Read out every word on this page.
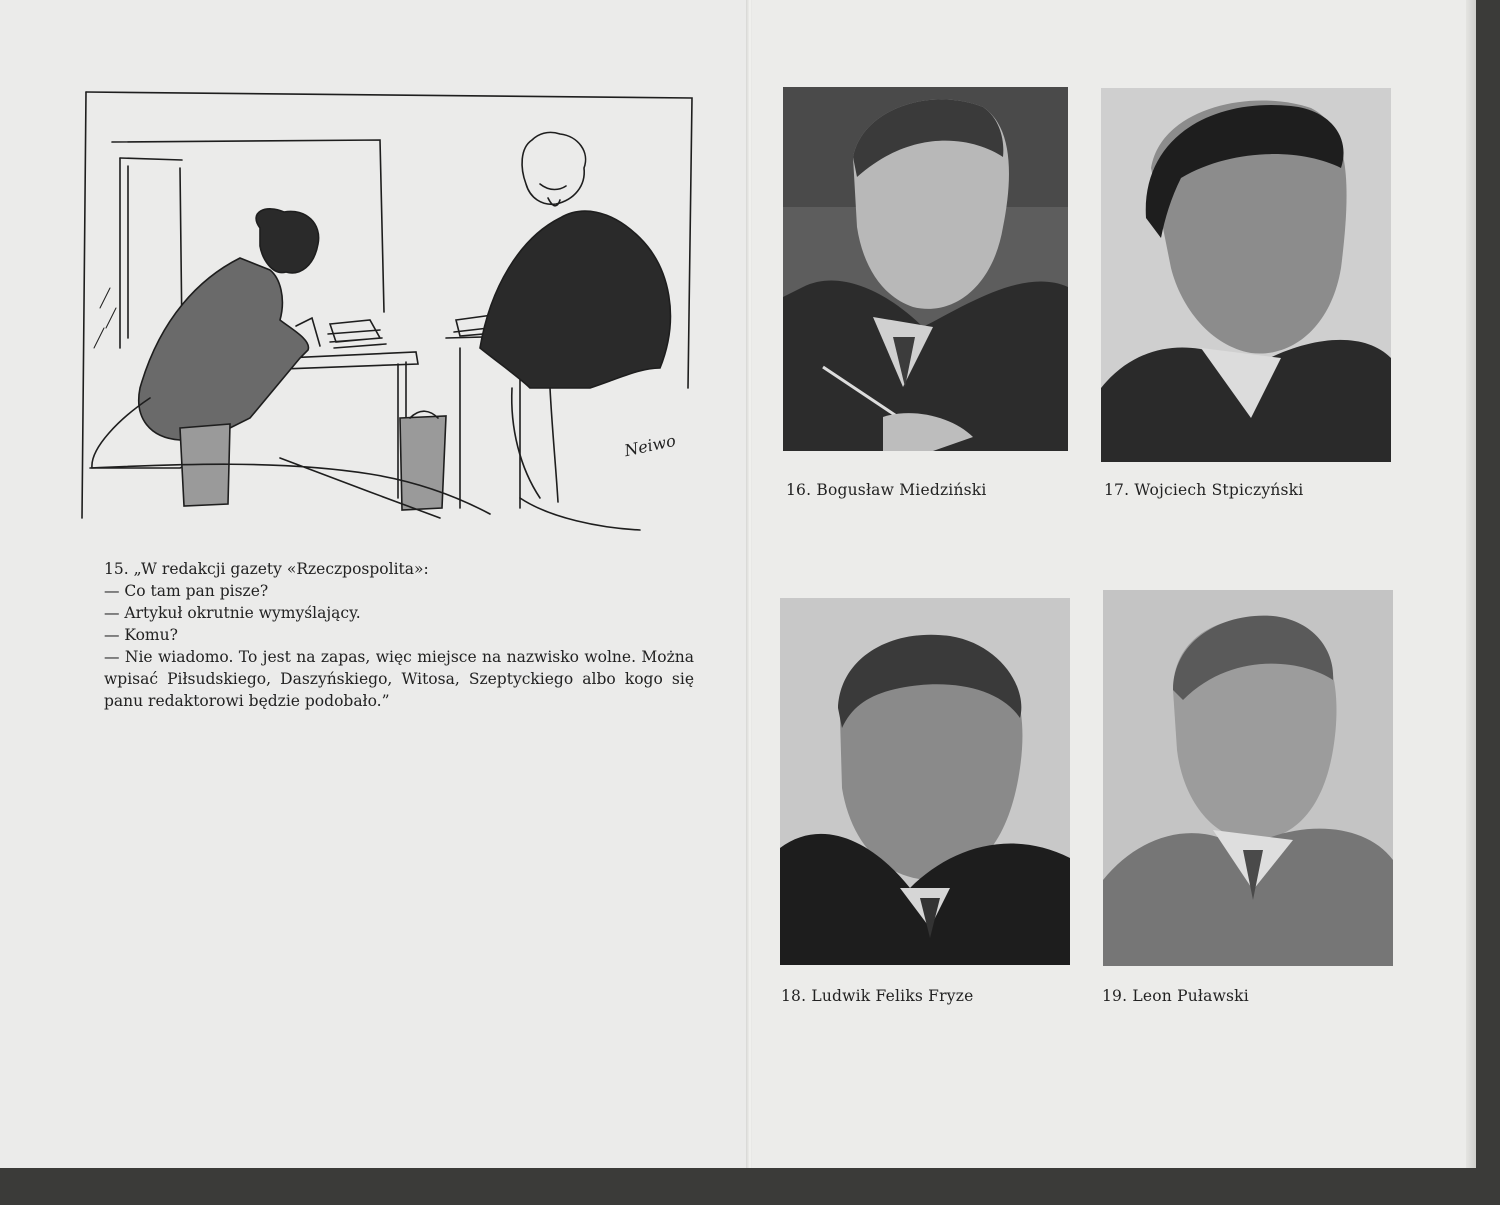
Neiwo
15. „W redakcji gazety «Rzeczpospolita»:
— Co tam pan pisze?
— Artykuł okrutnie wymyślający.
— Komu?
— Nie wiadomo. To jest na zapas, więc miejsce na nazwisko wolne. Można wpisać Piłsudskiego, Daszyńskiego, Witosa, Szeptyckiego albo kogo się panu redaktorowi będzie podobało.”
16. Bogusław Miedziński	17. Wojciech Stpiczyński
18. Ludwik Feliks Fryze	19. Leon Puławski
